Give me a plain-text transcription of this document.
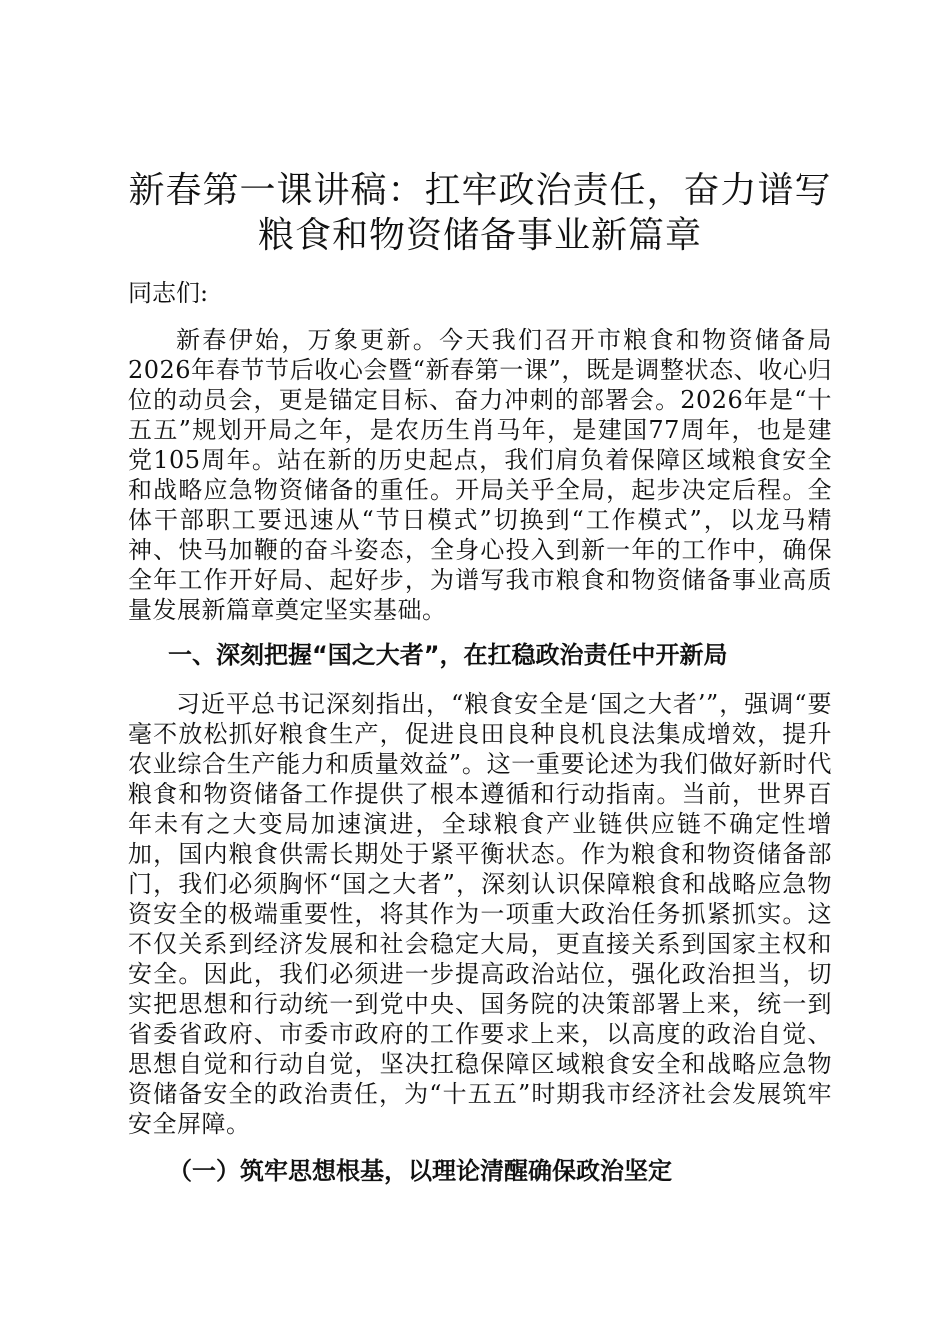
新春第一课讲稿：扛牢政治责任，奋力谱写粮食和物资储备事业新篇章

同志们:

新春伊始，万象更新。今天我们召开市粮食和物资储备局2026年春节节后收心会暨“新春第一课”，既是调整状态、收心归位的动员会，更是锚定目标、奋力冲刺的部署会。2026年是“十五五”规划开局之年，是农历生肖马年，是建国77周年，也是建党105周年。站在新的历史起点，我们肩负着保障区域粮食安全和战略应急物资储备的重任。开局关乎全局，起步决定后程。全体干部职工要迅速从“节日模式”切换到“工作模式”，以龙马精神、快马加鞭的奋斗姿态，全身心投入到新一年的工作中，确保全年工作开好局、起好步，为谱写我市粮食和物资储备事业高质量发展新篇章奠定坚实基础。

一、深刻把握“国之大者”，在扛稳政治责任中开新局

习近平总书记深刻指出，“粮食安全是‘国之大者’”，强调“要毫不放松抓好粮食生产，促进良田良种良机良法集成增效，提升农业综合生产能力和质量效益”。这一重要论述为我们做好新时代粮食和物资储备工作提供了根本遵循和行动指南。当前，世界百年未有之大变局加速演进，全球粮食产业链供应链不确定性增加，国内粮食供需长期处于紧平衡状态。作为粮食和物资储备部门，我们必须胸怀“国之大者”，深刻认识保障粮食和战略应急物资安全的极端重要性，将其作为一项重大政治任务抓紧抓实。这不仅关系到经济发展和社会稳定大局，更直接关系到国家主权和安全。因此，我们必须进一步提高政治站位，强化政治担当，切实把思想和行动统一到党中央、国务院的决策部署上来，统一到省委省政府、市委市政府的工作要求上来，以高度的政治自觉、思想自觉和行动自觉，坚决扛稳保障区域粮食安全和战略应急物资储备安全的政治责任，为“十五五”时期我市经济社会发展筑牢安全屏障。

（一）筑牢思想根基，以理论清醒确保政治坚定
